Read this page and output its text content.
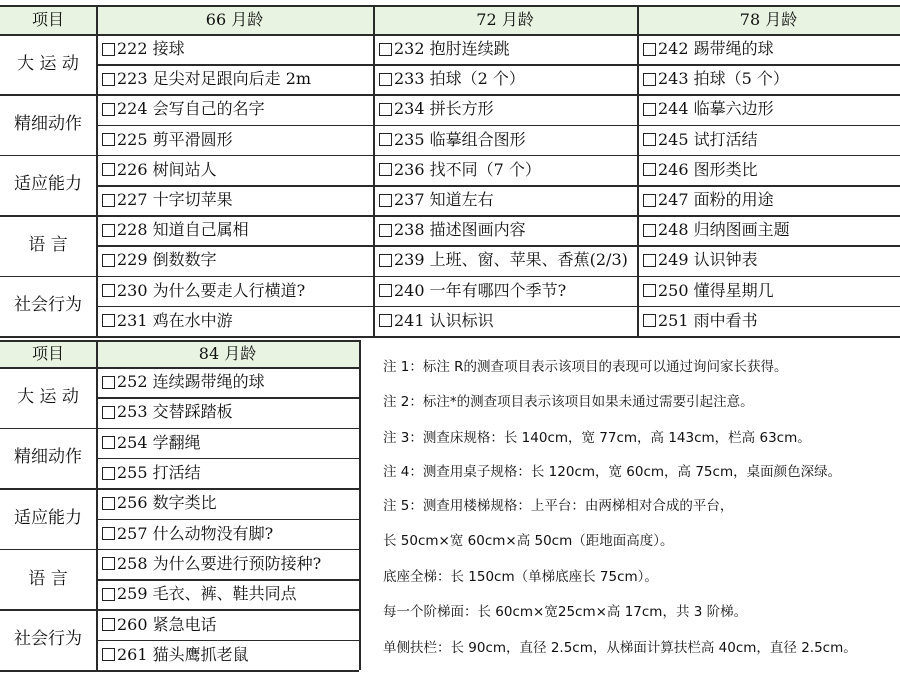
项目	66 月龄	72 月龄	78 月龄
大 运 动
222 接球	232 抱肘连续跳	242 踢带绳的球
223 足尖对足跟向后走 2m	233 拍球（2 个）	243 拍球（5 个）
精细动作
224 会写自己的名字	234 拼长方形	244 临摹六边形
225 剪平滑圆形	235 临摹组合图形	245 试打活结
适应能力
226 树间站人	236 找不同（7 个）	246 图形类比
227 十字切苹果	237 知道左右	247 面粉的用途
语 言
228 知道自己属相	238 描述图画内容	248 归纳图画主题
229 倒数数字	239 上班、窗、苹果、香蕉(2/3) 249 认识钟表
社会行为
230 为什么要走人行横道?	240 一年有哪四个季节?	250 懂得星期几
231 鸡在水中游	241 认识标识	251 雨中看书
项目	84 月龄
大 运 动
252 连续踢带绳的球
253 交替踩踏板
精细动作
254 学翻绳
255 打活结
适应能力
256 数字类比
257 什么动物没有脚?
语 言
258 为什么要进行预防接种?
259 毛衣、裤、鞋共同点
社会行为
260 紧急电话
261 猫头鹰抓老鼠
注 1：标注 R的测查项目表示该项目的表现可以通过询问家长获得。
注 2：标注*的测查项目表示该项目如果未通过需要引起注意。
注 3：测查床规格：长 140cm，宽 77cm，高 143cm，栏高 63cm。
注 4：测查用桌子规格：长 120cm，宽 60cm，高 75cm，桌面颜色深绿。
注 5：测查用楼梯规格：上平台：由两梯相对合成的平台，
长 50cm×宽 60cm×高 50cm（距地面高度）。
底座全梯：长 150cm（单梯底座长 75cm）。
每一个阶梯面：长 60cm×宽25cm×高 17cm，共 3 阶梯。
单侧扶栏：长 90cm，直径 2.5cm，从梯面计算扶栏高 40cm，直径 2.5cm。
